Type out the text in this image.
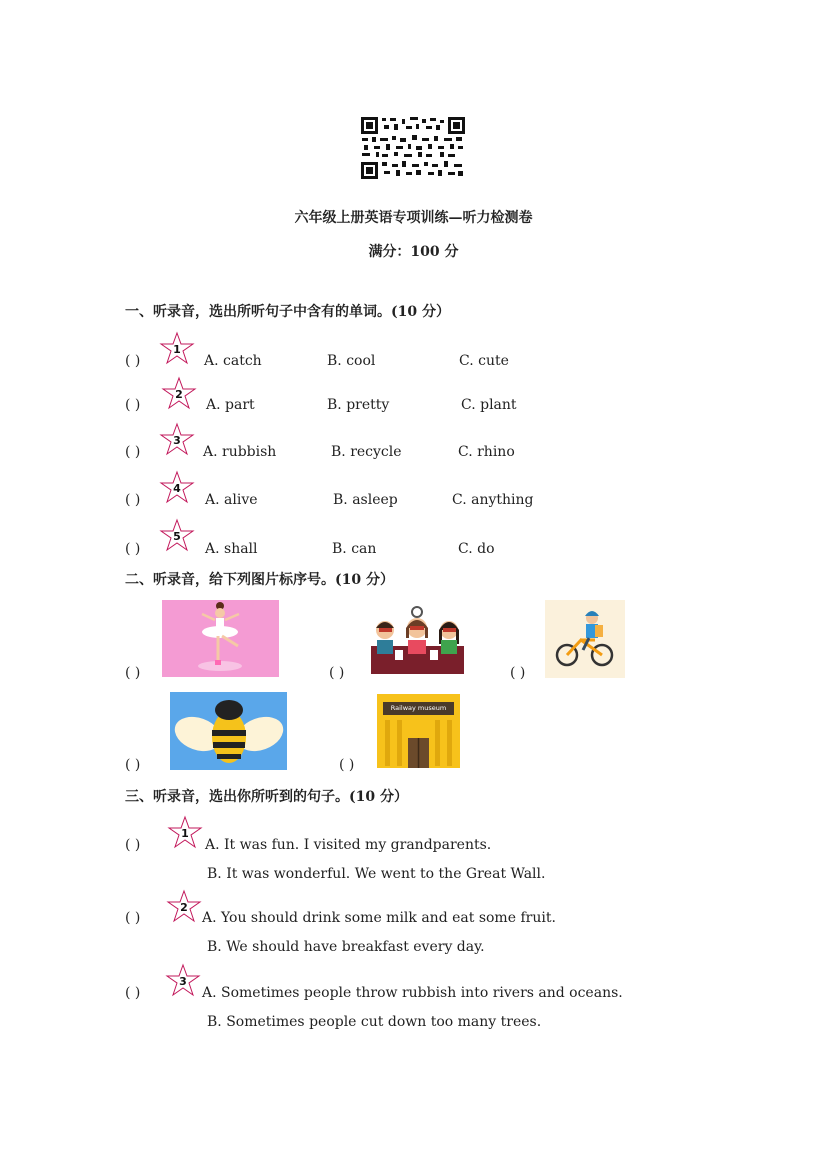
六年级上册英语专项训练—听力检测卷
满分：100 分
一、听录音，选出所听句子中含有的单词。(10 分）
( )
1
A. catch	B. cool	C. cute
( )
2
A. part	B. pretty	C. plant
( )
3
A. rubbish	B. recycle	C. rhino
( )
4
A. alive	B. asleep	C. anything
( )
5
A. shall	B. can	C. do
二、听录音，给下列图片标序号。(10 分）
( )	( )	( )
( )
Railway museum
( )
三、听录音，选出你所听到的句子。(10 分）
( )
1
A. It was fun. I visited my grandparents.
B. It was wonderful. We went to the Great Wall.
( )
2
A. You should drink some milk and eat some fruit.
B. We should have breakfast every day.
( )
3
A. Sometimes people throw rubbish into rivers and oceans.
B. Sometimes people cut down too many trees.
